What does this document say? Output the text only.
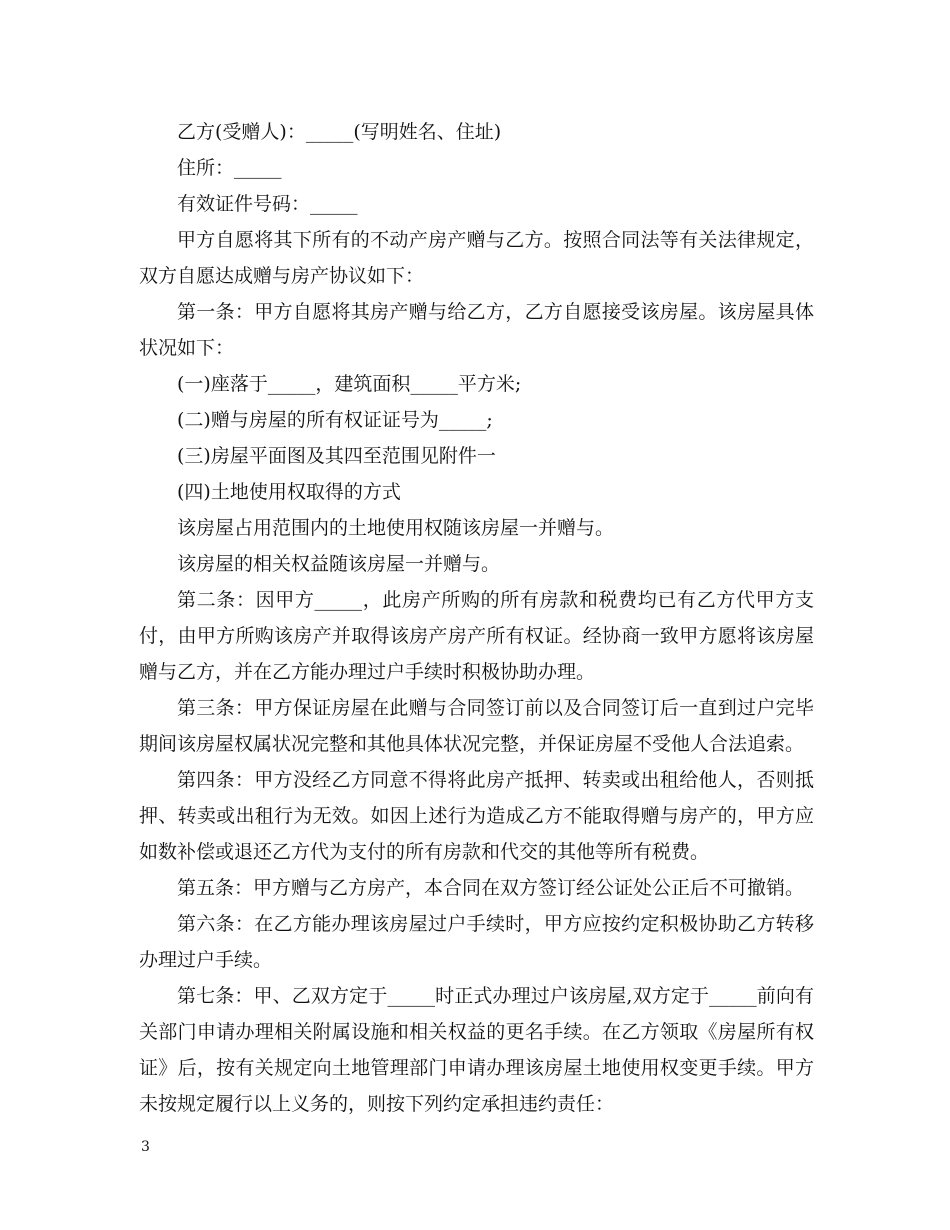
乙方(受赠人)：_____(写明姓名、住址)

住所：_____

有效证件号码：_____

甲方自愿将其下所有的不动产房产赠与乙方。按照合同法等有关法律规定，双方自愿达成赠与房产协议如下：

第一条：甲方自愿将其房产赠与给乙方，乙方自愿接受该房屋。该房屋具体状况如下：

(一)座落于_____，建筑面积_____平方米;

(二)赠与房屋的所有权证证号为_____;

(三)房屋平面图及其四至范围见附件一

(四)土地使用权取得的方式

该房屋占用范围内的土地使用权随该房屋一并赠与。

该房屋的相关权益随该房屋一并赠与。

第二条：因甲方_____，此房产所购的所有房款和税费均已有乙方代甲方支付，由甲方所购该房产并取得该房产房产所有权证。经协商一致甲方愿将该房屋赠与乙方，并在乙方能办理过户手续时积极协助办理。

第三条：甲方保证房屋在此赠与合同签订前以及合同签订后一直到过户完毕期间该房屋权属状况完整和其他具体状况完整，并保证房屋不受他人合法追索。

第四条：甲方没经乙方同意不得将此房产抵押、转卖或出租给他人，否则抵押、转卖或出租行为无效。如因上述行为造成乙方不能取得赠与房产的，甲方应如数补偿或退还乙方代为支付的所有房款和代交的其他等所有税费。

第五条：甲方赠与乙方房产，本合同在双方签订经公证处公正后不可撤销。

第六条：在乙方能办理该房屋过户手续时，甲方应按约定积极协助乙方转移办理过户手续。

第七条：甲、乙双方定于_____时正式办理过户该房屋,双方定于_____前向有关部门申请办理相关附属设施和相关权益的更名手续。在乙方领取《房屋所有权证》后，按有关规定向土地管理部门申请办理该房屋土地使用权变更手续。甲方未按规定履行以上义务的，则按下列约定承担违约责任：

3
